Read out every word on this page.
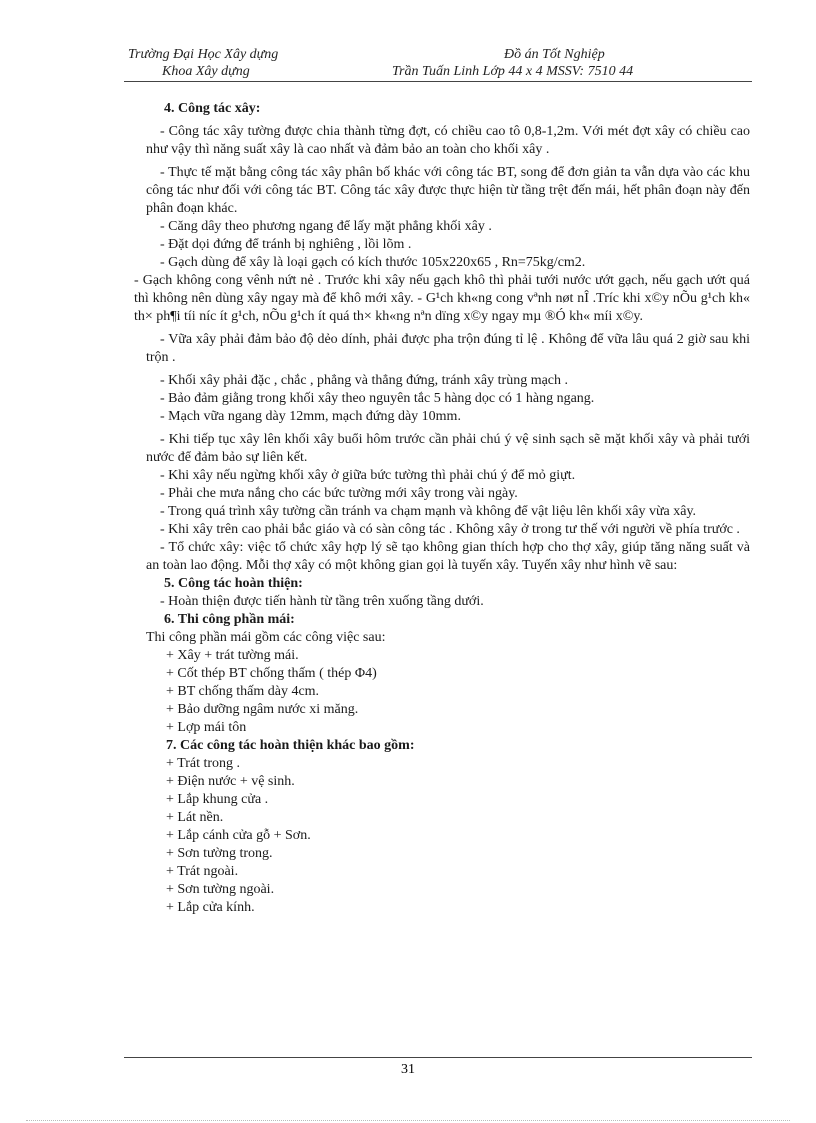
Trường Đại Học Xây dựng
Khoa Xây dựng
Đồ án Tốt Nghiệp
Trần Tuấn Linh Lớp 44 x 4 MSSV: 7510 44

4. Công tác xây:

- Công tác xây tường được chia thành từng đợt, có chiều cao tô 0,8-1,2m. Với mét đợt xây có chiều cao như vậy thì năng suất xây là cao nhất và đảm bảo an toàn cho khối xây .

- Thực tế mặt bằng công tác xây phân bố khác với công tác BT, song để đơn giản ta vẫn dựa vào các khu công tác như đối với công tác BT. Công tác xây được thực hiện từ tầng trệt đến mái, hết phân đoạn này đến phân đoạn khác.

- Căng dây theo phương ngang để lấy mặt phẳng khối xây .

- Đặt dọi đứng để tránh bị nghiêng , lồi lõm .

- Gạch dùng để xây là loại gạch có kích thước 105x220x65 , Rn=75kg/cm2.

- Gạch không cong vênh nứt nẻ . Trước khi xây nếu gạch khô thì phải tưới nước ướt gạch, nếu gạch ướt quá thì không nên dùng xây ngay mà để khô mới xây. - G¹ch kh«ng cong vªnh nøt nÎ .Tríc khi x©y nÕu g¹ch kh« th× ph¶i tíi níc ít g¹ch, nÕu g¹ch ít quá th× kh«ng nªn dïng x©y ngay mµ ®Ó kh« míi x©y.

- Vữa xây phải đảm bảo độ dẻo dính, phải được pha trộn đúng tỉ lệ . Không để vữa lâu quá 2 giờ sau khi trộn .

- Khối xây phải đặc , chắc , phẳng và thẳng đứng, tránh xây trùng mạch .

- Bảo đảm giằng trong khối xây theo nguyên tắc 5 hàng dọc có 1 hàng ngang.

- Mạch vữa ngang dày 12mm, mạch đứng dày 10mm.

- Khi tiếp tục xây lên khối xây buổi hôm trước cần phải chú ý vệ sinh sạch sẽ mặt khối xây và phải tưới nước để đảm bảo sự liên kết.

- Khi xây nếu ngừng khối xây ở giữa bức tường thì phải chú ý để mỏ giựt.

- Phải che mưa nắng cho các bức tường mới xây trong vài ngày.

- Trong quá trình xây tường cần tránh va chạm mạnh và không để vật liệu lên khối xây vừa xây.

- Khi xây trên cao phải bắc giáo và có sàn công tác . Không xây ở trong tư thế với người về phía trước .

- Tổ chức xây: việc tổ chức xây hợp lý sẽ tạo không gian thích hợp cho thợ xây, giúp tăng năng suất và an toàn lao động. Mỗi thợ xây có một không gian gọi là tuyến xây. Tuyến xây như hình vẽ sau:

5. Công tác hoàn thiện:

- Hoàn thiện được tiến hành từ tầng trên xuống tầng dưới.

6. Thi công phần mái:

Thi công phần mái gồm các công việc sau:

+ Xây + trát tường mái.

+ Cốt thép BT chống thấm ( thép Φ4)

+ BT chống thấm dày 4cm.

+ Bảo dưỡng ngâm nước xi măng.

+ Lợp mái tôn

7. Các công tác hoàn thiện khác bao gồm:

+ Trát trong .

+ Điện nước + vệ sinh.

+ Lắp khung cửa .

+ Lát nền.

+ Lắp cánh cửa gỗ + Sơn.

+ Sơn tường trong.

+ Trát ngoài.

+ Sơn tường ngoài.

+ Lắp cửa kính.

31
